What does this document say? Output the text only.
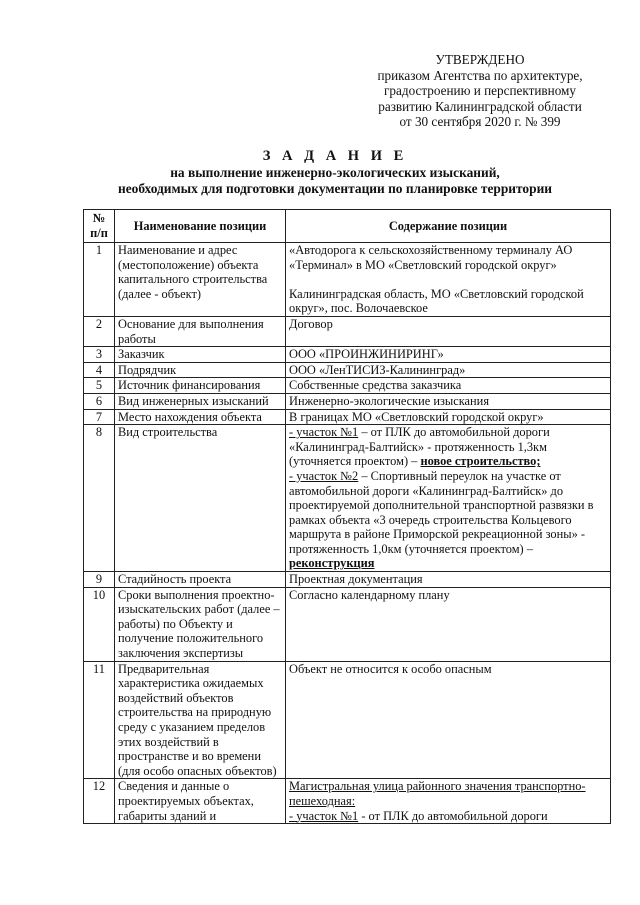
УТВЕРЖДЕНО
приказом Агентства по архитектуре,
градостроению и перспективному
развитию Калининградской области
от 30 сентября 2020 г. № 399
З А Д А Н И Е
на выполнение инженерно-экологических изысканий,
необходимых для подготовки документации по планировке территории
№ п/п	Наименование позиции	Содержание позиции
1	Наименование и адрес (местоположение) объекта капитального строительства (далее - объект)	«Автодорога к сельскохозяйственному терминалу АО «Терминал» в МО «Светловский городской округ»
Калининградская область, МО «Светловский городской округ», пос. Волочаевское

2	Основание для выполнения работы	Договор
3	Заказчик	ООО «ПРОИНЖИНИРИНГ»
4	Подрядчик	ООО «ЛенТИСИЗ-Калининград»
5	Источник финансирования	Собственные средства заказчика
6	Вид инженерных изысканий	Инженерно-экологические изыскания
7	Место нахождения объекта	В границах МО «Светловский городской округ»
8	Вид строительства	- участок №1 – от ПЛК до автомобильной дороги «Калининград-Балтийск» - протяженность 1,3км (уточняется проектом) – новое строительство;
- участок №2 – Спортивный переулок на участке от автомобильной дороги «Калининград-Балтийск» до проектируемой дополнительной транспортной развязки в рамках объекта «3 очередь строительства Кольцевого маршрута в районе Приморской рекреационной зоны» - протяженность 1,0км (уточняется проектом) – реконструкция
9	Стадийность проекта	Проектная документация
10	Сроки выполнения проектно-изыскательских работ (далее – работы) по Объекту и получение положительного заключения экспертизы	Согласно календарному плану
11	Предварительная характеристика ожидаемых воздействий объектов строительства на природную среду с указанием пределов этих воздействий в пространстве и во времени (для особо опасных объектов)	Объект не относится к особо опасным
12	Сведения и данные о проектируемых объектах, габариты зданий и	Магистральная улица районного значения транспортно-пешеходная:
- участок №1 - от ПЛК до автомобильной дороги
